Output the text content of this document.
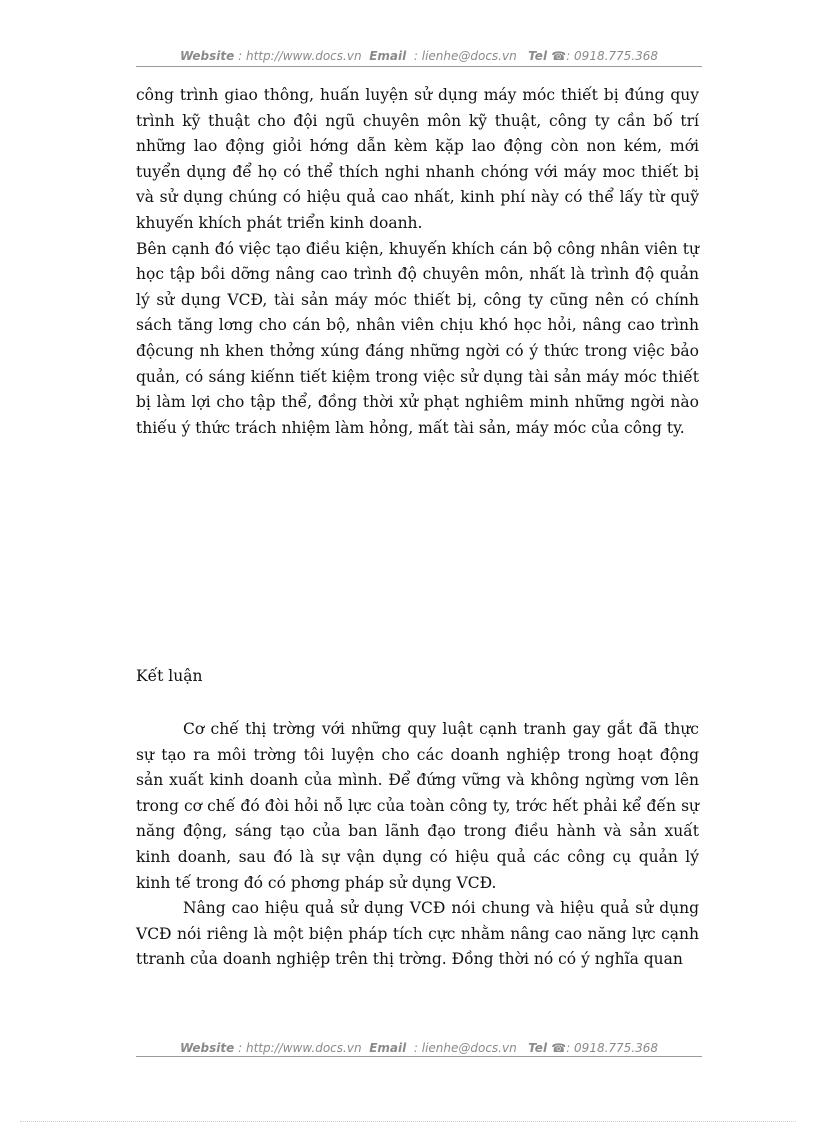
Website : http://www.docs.vn Email : lienhe@docs.vn Tel ☎: 0918.775.368

công trình giao thông, huấn luyện sử dụng máy móc thiết bị đúng quy trình kỹ thuật cho đội ngũ chuyên môn kỹ thuật, công ty cần bố trí những lao động giỏi hớng dẫn kèm kặp lao động còn non kém, mới tuyển dụng để họ có thể thích nghi nhanh chóng với máy moc thiết bị và sử dụng chúng có hiệu quả cao nhất, kinh phí này có thể lấy từ quỹ khuyến khích phát triển kinh doanh.

Bên cạnh đó việc tạo điều kiện, khuyến khích cán bộ công nhân viên tự học tập bồi dỡng nâng cao trình độ chuyên môn, nhất là trình độ quản lý sử dụng VCĐ, tài sản máy móc thiết bị, công ty cũng nên có chính sách tăng lơng cho cán bộ, nhân viên chịu khó học hỏi, nâng cao trình độcung nh khen thởng xúng đáng những ngời có ý thức trong việc bảo quản, có sáng kiếnn tiết kiệm trong việc sử dụng tài sản máy móc thiết bị làm lợi cho tập thể, đồng thời xử phạt nghiêm minh những ngời nào thiếu ý thức trách nhiệm làm hỏng, mất tài sản, máy móc của công ty.

Kết luận

Cơ chế thị trờng với những quy luật cạnh tranh gay gắt đã thực sự tạo ra môi trờng tôi luyện cho các doanh nghiệp trong hoạt động sản xuất kinh doanh của mình. Để đứng vững và không ngừng vơn lên trong cơ chế đó đòi hỏi nỗ lực của toàn công ty, trớc hết phải kể đến sự năng động, sáng tạo của ban lãnh đạo trong điều hành và sản xuất kinh doanh, sau đó là sự vận dụng có hiệu quả các công cụ quản lý kinh tế trong đó có phơng pháp sử dụng VCĐ.

Nâng cao hiệu quả sử dụng VCĐ nói chung và hiệu quả sử dụng VCĐ nói riêng là một biện pháp tích cực nhằm nâng cao năng lực cạnh ttranh của doanh nghiệp trên thị trờng. Đồng thời nó có ý nghĩa quan

Website : http://www.docs.vn Email : lienhe@docs.vn Tel ☎: 0918.775.368
